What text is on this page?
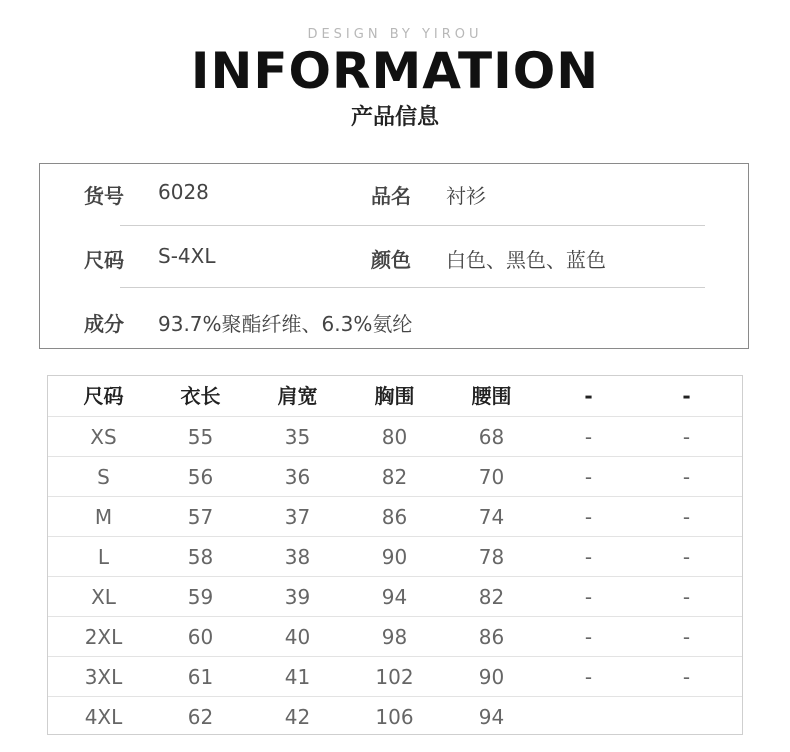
DESIGN BY YIROU
INFORMATION
产品信息
货号 6028	品名 衬衫
尺码 S-4XL	颜色 白色、黑色、蓝色
成分 93.7%聚酯纤维、6.3%氨纶
尺码	衣长	肩宽	胸围	腰围	-	-
XS	55	35	80	68	-	-
S	56	36	82	70	-	-
M	57	37	86	74	-	-
L	58	38	90	78	-	-
XL	59	39	94	82	-	-
2XL	60	40	98	86	-	-
3XL	61	41	102	90	-	-
4XL	62	42	106	94
